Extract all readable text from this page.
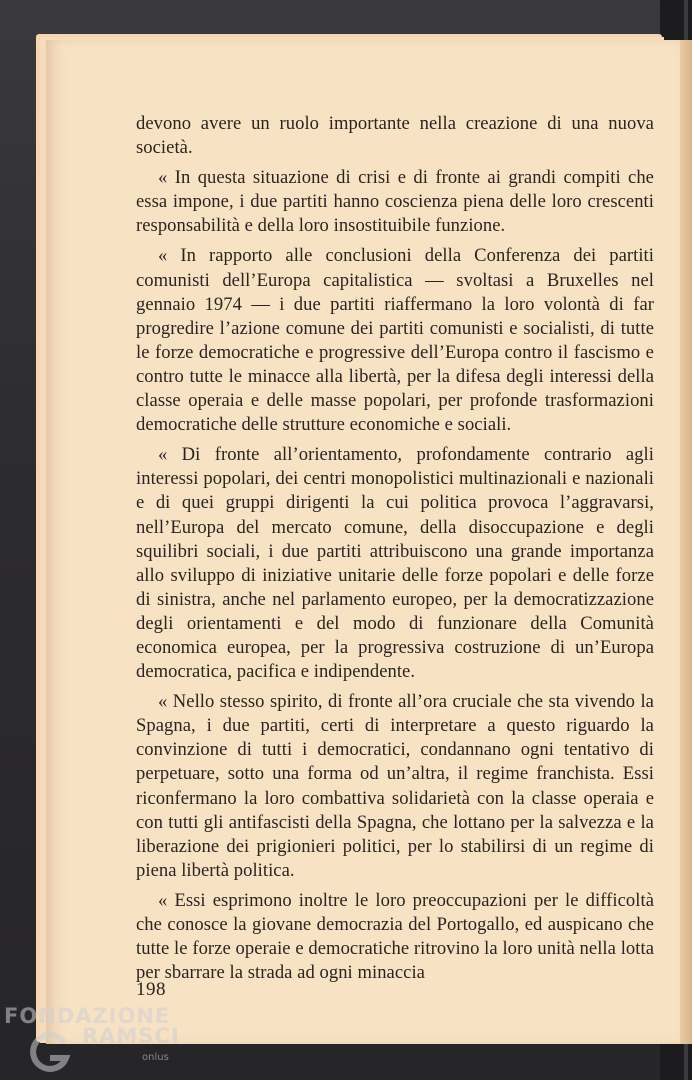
devono avere un ruolo importante nella creazione di una nuova società.

« In questa situazione di crisi e di fronte ai grandi compiti che essa impone, i due partiti hanno coscienza piena delle loro crescenti responsabilità e della loro insostituibile funzione.

« In rapporto alle conclusioni della Conferenza dei partiti comunisti dell’Europa capitalistica — svoltasi a Bruxelles nel gennaio 1974 — i due partiti riaffermano la loro volontà di far progredire l’azione comune dei partiti comunisti e socialisti, di tutte le forze democratiche e progressive dell’Europa contro il fascismo e contro tutte le minacce alla libertà, per la difesa degli interessi della classe operaia e delle masse popolari, per profonde trasformazioni democratiche delle strutture economiche e sociali.

« Di fronte all’orientamento, profondamente contrario agli interessi popolari, dei centri monopolistici multinazionali e nazionali e di quei gruppi dirigenti la cui politica provoca l’aggravarsi, nell’Europa del mercato comune, della disoccupazione e degli squilibri sociali, i due partiti attribuiscono una grande importanza allo sviluppo di iniziative unitarie delle forze popolari e delle forze di sinistra, anche nel parlamento europeo, per la democratizzazione degli orientamenti e del modo di funzionare della Comunità economica europea, per la progressiva costruzione di un’Europa democratica, pacifica e indipendente.

« Nello stesso spirito, di fronte all’ora cruciale che sta vivendo la Spagna, i due partiti, certi di interpretare a questo riguardo la convinzione di tutti i democratici, condannano ogni tentativo di perpetuare, sotto una forma od un’altra, il regime franchista. Essi riconfermano la loro combattiva solidarietà con la classe operaia e con tutti gli antifascisti della Spagna, che lottano per la salvezza e la liberazione dei prigionieri politici, per lo stabilirsi di un regime di piena libertà politica.

« Essi esprimono inoltre le loro preoccupazioni per le difficoltà che conosce la giovane democrazia del Portogallo, ed auspicano che tutte le forze operaie e democratiche ritrovino la loro unità nella lotta per sbarrare la strada ad ogni minaccia

198
FONDAZIONE
RAMSCI
onlus
